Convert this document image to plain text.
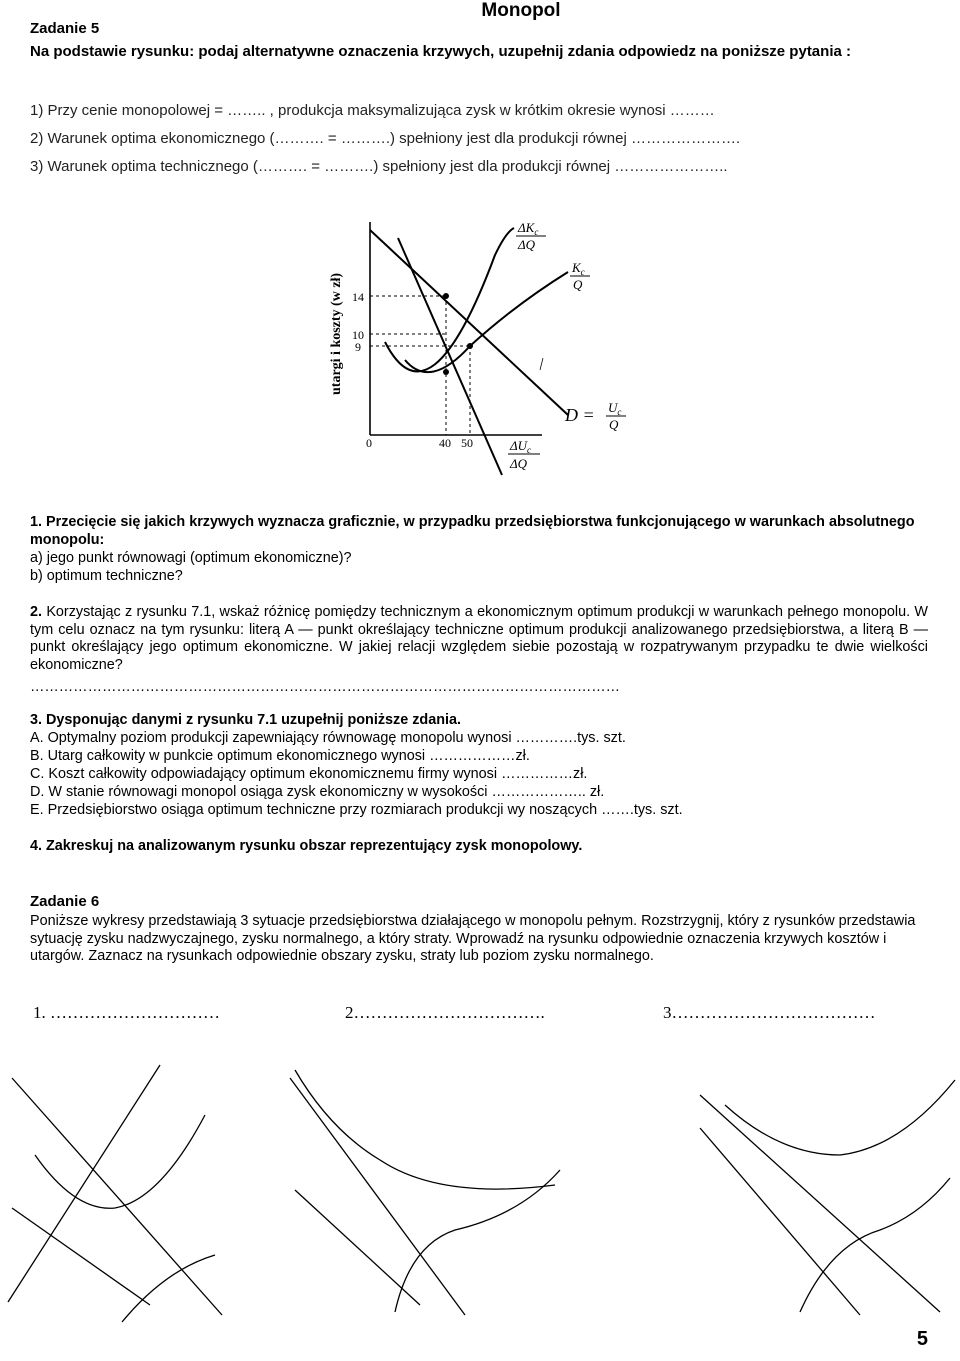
Monopol
Zadanie 5
Na podstawie rysunku: podaj alternatywne oznaczenia krzywych, uzupełnij zdania odpowiedz na poniższe pytania :
1) Przy cenie monopolowej = …….. , produkcja maksymalizująca zysk w krótkim okresie wynosi ………
2) Warunek optima ekonomicznego (………. = ……….) spełniony jest dla produkcji równej ………………….
3) Warunek optima technicznego (………. = ……….) spełniony jest dla produkcji równej …………………..
utargi i koszty (w zł) 14
10
9
0	40 50
$\Delta K_c$
ΔQ
$K_c$
Q
$D = U_c$
Q
$\Delta U_c$
ΔQ
1. Przecięcie się jakich krzywych wyznacza graficznie, w przypadku przedsiębiorstwa funkcjonującego w warunkach absolutnego monopolu:
a) jego punkt równowagi (optimum ekonomiczne)?
b) optimum techniczne?
2. Korzystając z rysunku 7.1, wskaż różnicę pomiędzy technicznym a ekonomicznym optimum produkcji w warunkach pełnego monopolu. W tym celu oznacz na tym rysunku: literą A — punkt określający techniczne optimum produkcji analizowanego przedsiębiorstwa, a literą B — punkt określający jego optimum ekonomiczne. W jakiej relacji względem siebie pozostają w rozpatrywanym przypadku te dwie wielkości ekonomiczne?
……………………………………………………………………………………………………………
3. Dysponując danymi z rysunku 7.1 uzupełnij poniższe zdania.
A. Optymalny poziom produkcji zapewniający równowagę monopolu wynosi ………….tys. szt.
B. Utarg całkowity w punkcie optimum ekonomicznego wynosi ………………zł.
C. Koszt całkowity odpowiadający optimum ekonomicznemu firmy wynosi ……………zł.
D. W stanie równowagi monopol osiąga zysk ekonomiczny w wysokości ……………….. zł.
E. Przedsiębiorstwo osiąga optimum techniczne przy rozmiarach produkcji wy noszących …….tys. szt.
4. Zakreskuj na analizowanym rysunku obszar reprezentujący zysk monopolowy.
Zadanie 6
Poniższe wykresy przedstawiają 3 sytuacje przedsiębiorstwa działającego w monopolu pełnym. Rozstrzygnij, który z rysunków przedstawia sytuację zysku nadzwyczajnego, zysku normalnego, a który straty. Wprowadź na rysunku odpowiednie oznaczenia krzywych kosztów i utargów. Zaznacz na rysunkach odpowiednie obszary zysku, straty lub poziom zysku normalnego.
1. …………………………	2…………………………….	3………………………………
5
